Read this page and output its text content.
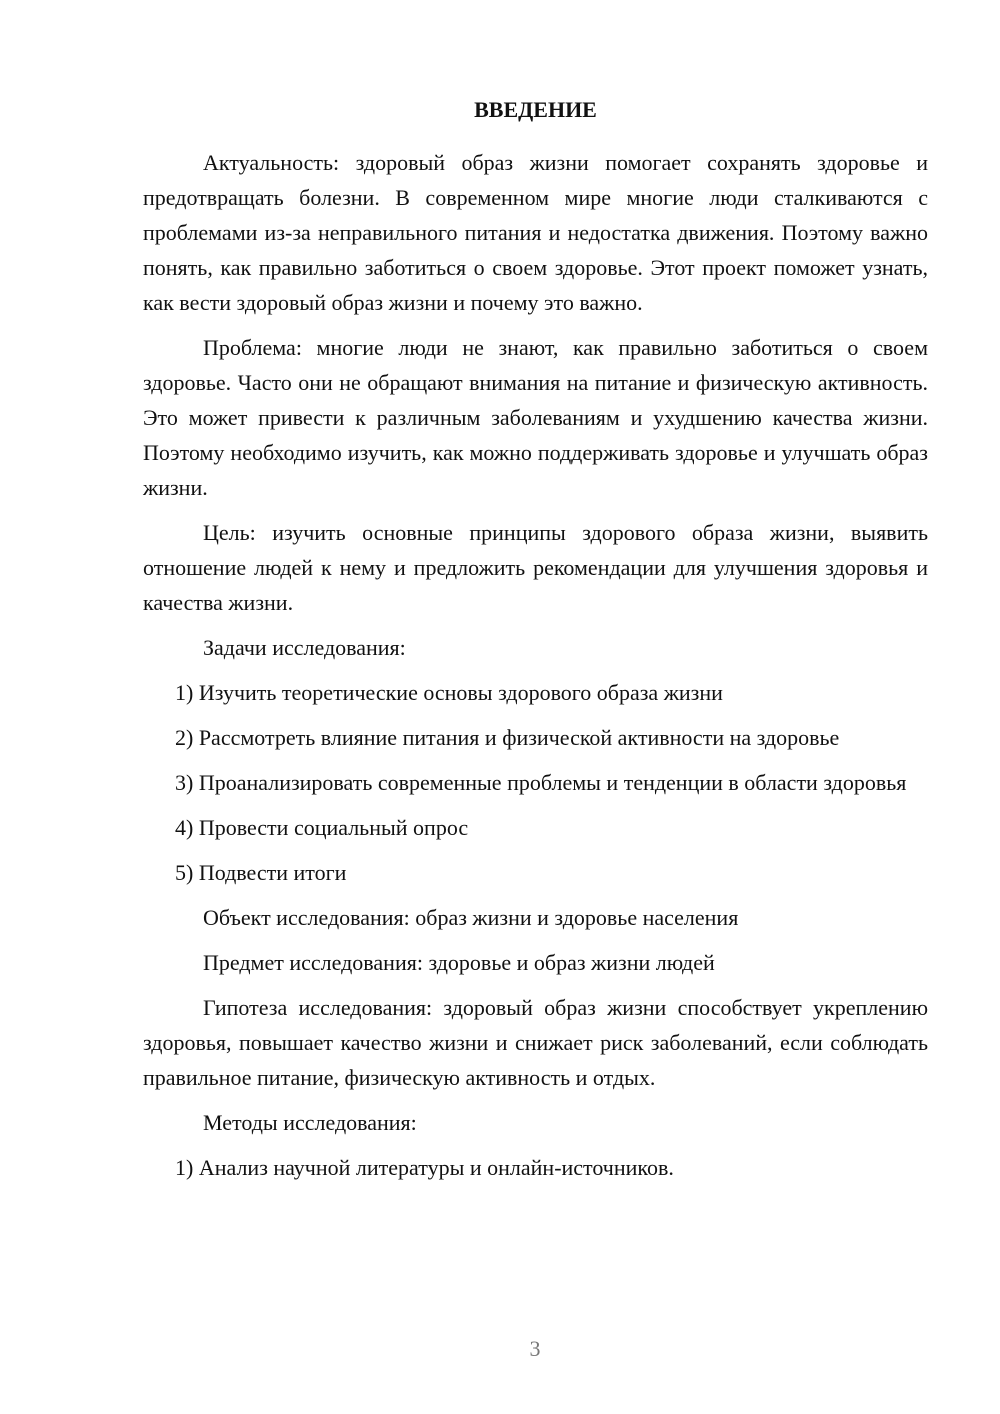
ВВЕДЕНИЕ

Актуальность: здоровый образ жизни помогает сохранять здоровье и предотвращать болезни. В современном мире многие люди сталкиваются с проблемами из-за неправильного питания и недостатка движения. Поэтому важно понять, как правильно заботиться о своем здоровье. Этот проект поможет узнать, как вести здоровый образ жизни и почему это важно.

Проблема: многие люди не знают, как правильно заботиться о своем здоровье. Часто они не обращают внимания на питание и физическую активность. Это может привести к различным заболеваниям и ухудшению качества жизни. Поэтому необходимо изучить, как можно поддерживать здоровье и улучшать образ жизни.

Цель: изучить основные принципы здорового образа жизни, выявить отношение людей к нему и предложить рекомендации для улучшения здоровья и качества жизни.

Задачи исследования:

1) Изучить теоретические основы здорового образа жизни

2) Рассмотреть влияние питания и физической активности на здоровье

3) Проанализировать современные проблемы и тенденции в области здоровья

4) Провести социальный опрос

5) Подвести итоги

Объект исследования: образ жизни и здоровье населения

Предмет исследования: здоровье и образ жизни людей

Гипотеза исследования: здоровый образ жизни способствует укреплению здоровья, повышает качество жизни и снижает риск заболеваний, если соблюдать правильное питание, физическую активность и отдых.

Методы исследования:

1) Анализ научной литературы и онлайн-источников.

3
